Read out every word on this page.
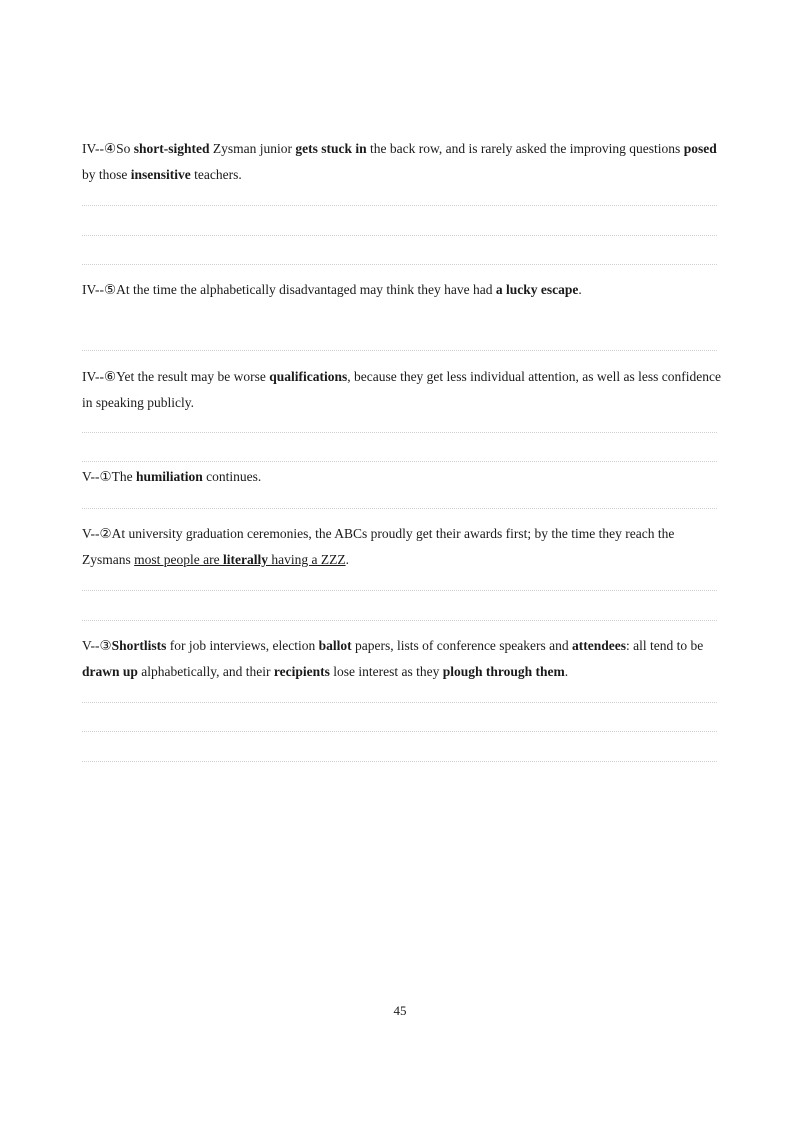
IV--④So short-sighted Zysman junior gets stuck in the back row, and is rarely asked the improving questions posed by those insensitive teachers.

IV--⑤At the time the alphabetically disadvantaged may think they have had a lucky escape.

IV--⑥Yet the result may be worse qualifications, because they get less individual attention, as well as less confidence in speaking publicly.

V--①The humiliation continues.

V--②At university graduation ceremonies, the ABCs proudly get their awards first; by the time they reach the Zysmans most people are literally having a ZZZ.

V--③Shortlists for job interviews, election ballot papers, lists of conference speakers and attendees: all tend to be drawn up alphabetically, and their recipients lose interest as they plough through them.

45
